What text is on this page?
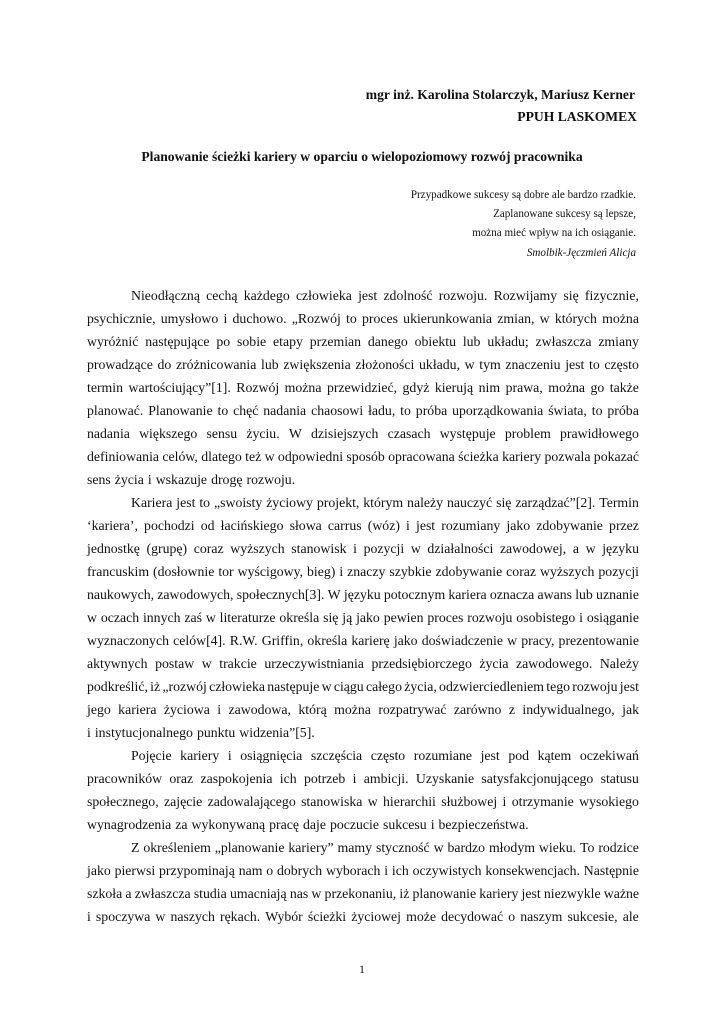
mgr inż. Karolina Stolarczyk, Mariusz Kerner
PPUH LASKOMEX
Planowanie ścieżki kariery w oparciu o wielopoziomowy rozwój pracownika
Przypadkowe sukcesy są dobre ale bardzo rzadkie.
Zaplanowane sukcesy są lepsze,
można mieć wpływ na ich osiąganie.
Smolbik-Jęczmień Alicja
Nieodłączną cechą każdego człowieka jest zdolność rozwoju. Rozwijamy się fizycznie,
psychicznie, umysłowo i duchowo. „Rozwój to proces ukierunkowania zmian, w których można
wyróżnić następujące po sobie etapy przemian danego obiektu lub układu; zwłaszcza zmiany
prowadzące do zróżnicowania lub zwiększenia złożoności układu, w tym znaczeniu jest to często
termin wartościujący”[1]. Rozwój można przewidzieć, gdyż kierują nim prawa, można go także
planować. Planowanie to chęć nadania chaosowi ładu, to próba uporządkowania świata, to próba
nadania większego sensu życiu. W dzisiejszych czasach występuje problem prawidłowego
definiowania celów, dlatego też w odpowiedni sposób opracowana ścieżka kariery pozwala pokazać
sens życia i wskazuje drogę rozwoju.
Kariera jest to „swoisty życiowy projekt, którym należy nauczyć się zarządzać”[2]. Termin
‘kariera’, pochodzi od łacińskiego słowa carrus (wóz) i jest rozumiany jako zdobywanie przez
jednostkę (grupę) coraz wyższych stanowisk i pozycji w działalności zawodowej, a w języku
francuskim (dosłownie tor wyścigowy, bieg) i znaczy szybkie zdobywanie coraz wyższych pozycji
naukowych, zawodowych, społecznych[3]. W języku potocznym kariera oznacza awans lub uznanie
w oczach innych zaś w literaturze określa się ją jako pewien proces rozwoju osobistego i osiąganie
wyznaczonych celów[4]. R.W. Griffin, określa karierę jako doświadczenie w pracy, prezentowanie
aktywnych postaw w trakcie urzeczywistniania przedsiębiorczego życia zawodowego. Należy
podkreślić, iż „rozwój człowieka następuje w ciągu całego życia, odzwierciedleniem tego rozwoju jest
jego kariera życiowa i zawodowa, którą można rozpatrywać zarówno z indywidualnego, jak
i instytucjonalnego punktu widzenia”[5].
Pojęcie kariery i osiągnięcia szczęścia często rozumiane jest pod kątem oczekiwań
pracowników oraz zaspokojenia ich potrzeb i ambicji. Uzyskanie satysfakcjonującego statusu
społecznego, zajęcie zadowalającego stanowiska w hierarchii służbowej i otrzymanie wysokiego
wynagrodzenia za wykonywaną pracę daje poczucie sukcesu i bezpieczeństwa.
Z określeniem „planowanie kariery” mamy styczność w bardzo młodym wieku. To rodzice
jako pierwsi przypominają nam o dobrych wyborach i ich oczywistych konsekwencjach. Następnie
szkoła a zwłaszcza studia umacniają nas w przekonaniu, iż planowanie kariery jest niezwykle ważne
i spoczywa w naszych rękach. Wybór ścieżki życiowej może decydować o naszym sukcesie, ale
1
